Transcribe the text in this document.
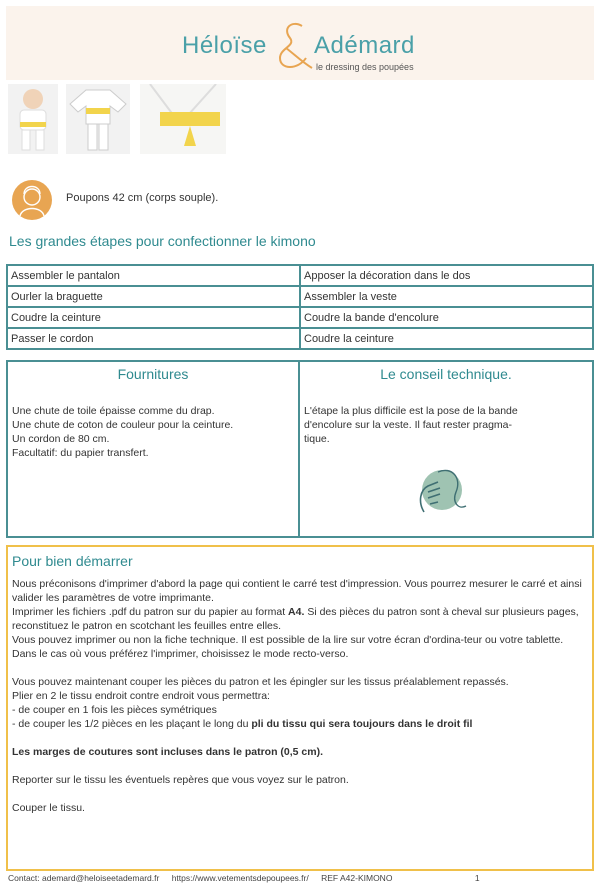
Héloïse Adémard
le dressing des poupées
Poupons 42 cm (corps souple).
Les grandes étapes pour confectionner le kimono
Assembler le pantalon	Apposer la décoration dans le dos
Ourler la braguette	Assembler la veste
Coudre la ceinture	Coudre la bande d'encolure
Passer le cordon	Coudre la ceinture
Fournitures
Une chute de toile épaisse comme du drap.
Une chute de coton de couleur pour la ceinture.
Un cordon de 80 cm.
Facultatif: du papier transfert.
Le conseil technique.
L'étape la plus difficile est la pose de la bande
d'encolure sur la veste. Il faut rester pragma-
tique.
Pour bien démarrer

Nous préconisons d'imprimer d'abord la page qui contient le carré test d'impression. Vous pourrez mesurer le carré et ainsi valider les paramètres de votre imprimante.

Imprimer les fichiers .pdf du patron sur du papier au format A4. Si des pièces du patron sont à cheval sur plusieurs pages, reconstituez le patron en scotchant les feuilles entre elles.

Vous pouvez imprimer ou non la fiche technique. Il est possible de la lire sur votre écran d'ordina-teur ou votre tablette. Dans le cas où vous préférez l'imprimer, choisissez le mode recto-verso.

Vous pouvez maintenant couper les pièces du patron et les épingler sur les tissus préalablement repassés.

Plier en 2 le tissu endroit contre endroit vous permettra:

- de couper en 1 fois les pièces symétriques

- de couper les 1/2 pièces en les plaçant le long du pli du tissu qui sera toujours dans le droit fil

Les marges de coutures sont incluses dans le patron (0,5 cm).

Reporter sur le tissu les éventuels repères que vous voyez sur le patron.

Couper le tissu.

Contact: ademard@heloiseetademard.fr https://www.vetementsdepoupees.fr/ REF A42-KIMONO	1
